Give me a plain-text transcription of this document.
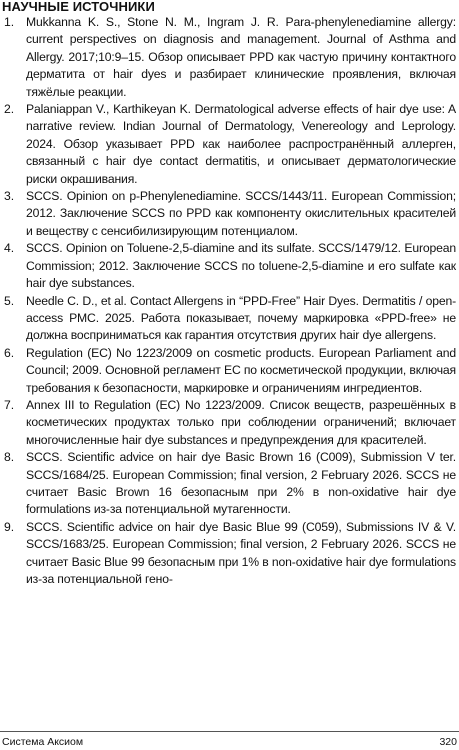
НАУЧНЫЕ ИСТОЧНИКИ
1. Mukkanna K. S., Stone N. M., Ingram J. R. Para-phenylenediamine allergy: current perspectives on diagnosis and management. Journal of Asthma and Allergy. 2017;10:9–15. Обзор описывает PPD как частую причину контактного дерматита от hair dyes и разбирает клинические проявления, включая тяжёлые реакции.
2. Palaniappan V., Karthikeyan K. Dermatological adverse effects of hair dye use: A narrative review. Indian Journal of Dermatology, Venereology and Leprology. 2024. Обзор указывает PPD как наиболее распространённый аллерген, связанный с hair dye contact dermatitis, и описывает дерматологические риски окрашивания.
3. SCCS. Opinion on p-Phenylenediamine. SCCS/1443/11. European Commission; 2012. Заключение SCCS по PPD как компоненту окислительных красителей и веществу с сенсибилизирующим потенциалом.
4. SCCS. Opinion on Toluene-2,5-diamine and its sulfate. SCCS/1479/12. European Commission; 2012. Заключение SCCS по toluene-2,5-diamine и его sulfate как hair dye substances.
5. Needle C. D., et al. Contact Allergens in “PPD-Free” Hair Dyes. Dermatitis / open-access PMC. 2025. Работа показывает, почему маркировка «PPD-free» не должна восприниматься как гарантия отсутствия других hair dye allergens.
6. Regulation (EC) No 1223/2009 on cosmetic products. European Parliament and Council; 2009. Основной регламент ЕС по косметической продукции, включая требования к безопасности, маркировке и ограничениям ингредиентов.
7. Annex III to Regulation (EC) No 1223/2009. Список веществ, разрешённых в косметических продуктах только при соблюдении ограничений; включает многочисленные hair dye substances и предупреждения для красителей.
8. SCCS. Scientific advice on hair dye Basic Brown 16 (C009), Submission V ter. SCCS/1684/25. European Commission; final version, 2 February 2026. SCCS не считает Basic Brown 16 безопасным при 2% в non-oxidative hair dye formulations из-за потенциальной мутагенности.
9. SCCS. Scientific advice on hair dye Basic Blue 99 (C059), Submissions IV & V. SCCS/1683/25. European Commission; final version, 2 February 2026. SCCS не считает Basic Blue 99 безопасным при 1% в non-oxidative hair dye formulations из-за потенциальной гено-
Система Аксиом	320
